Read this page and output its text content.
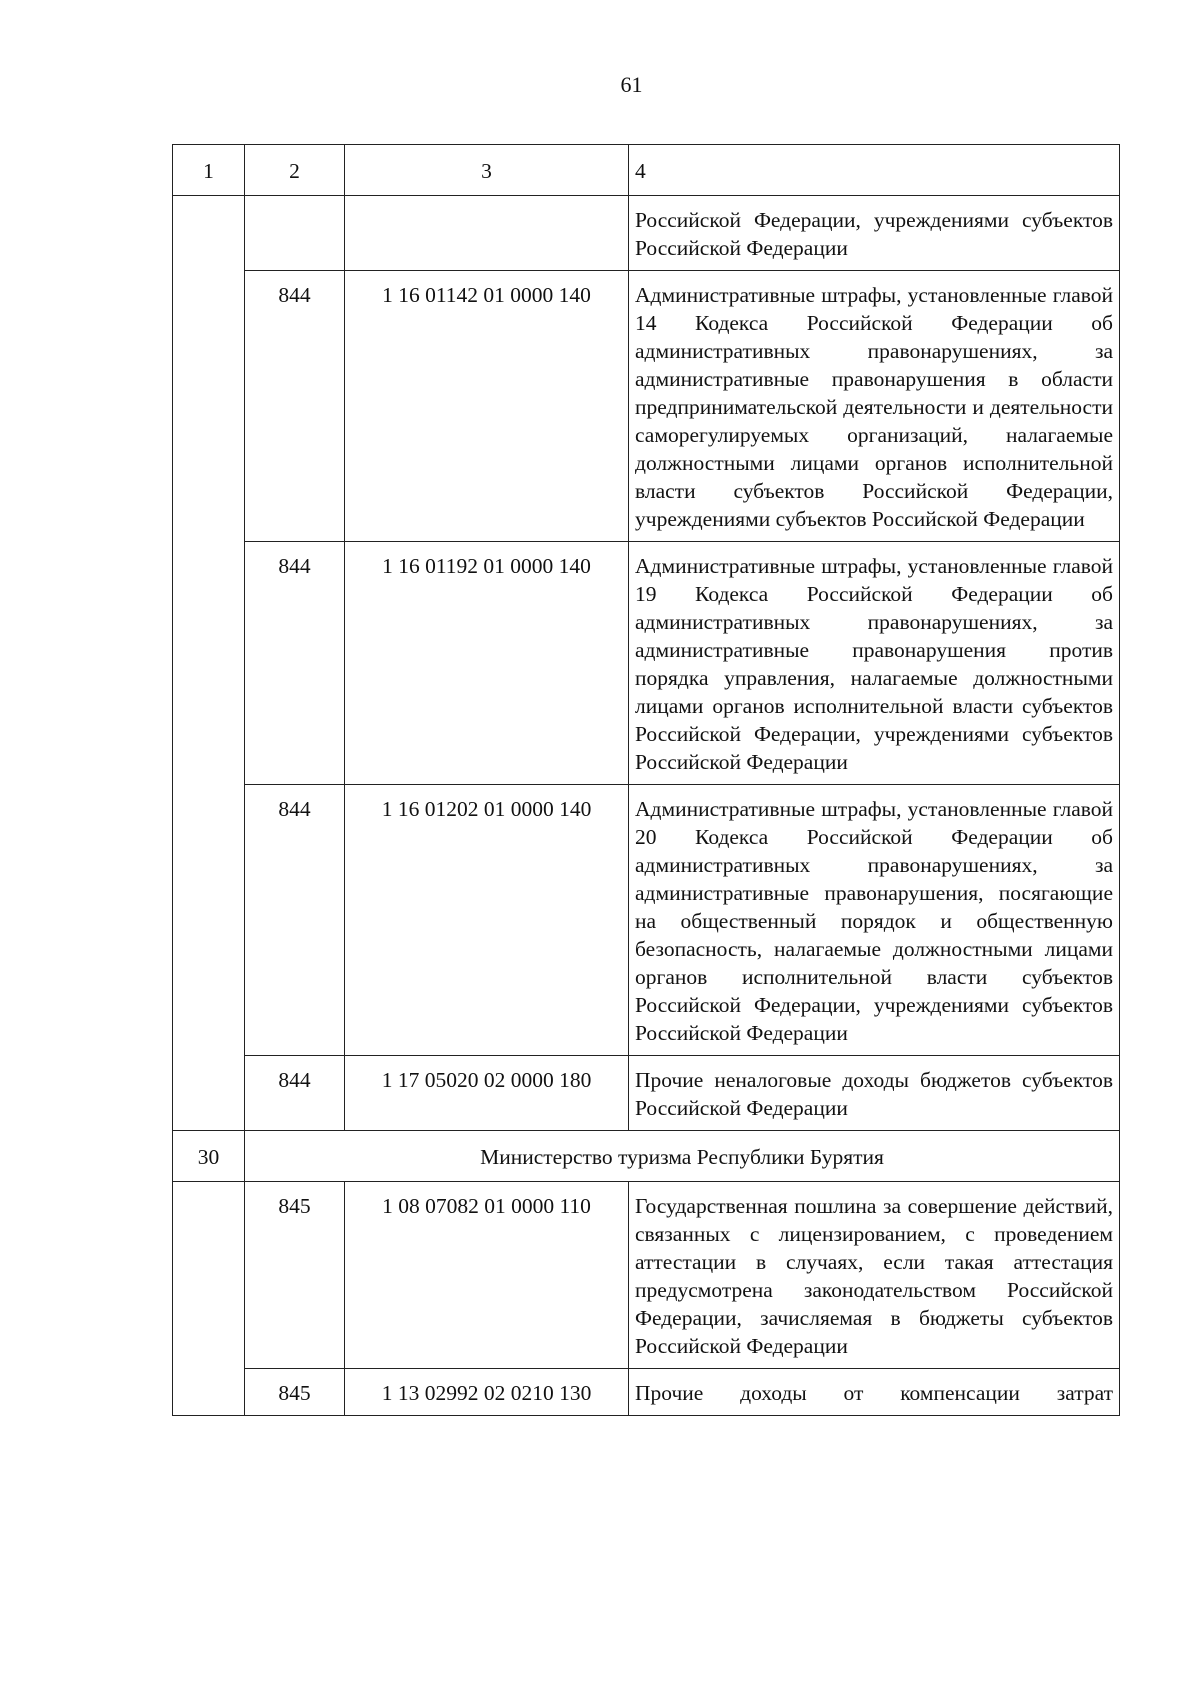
61
1	2	3	4
			Российской Федерации, учреждениями субъектов Российской Федерации
	844	1 16 01142 01 0000 140	Административные штрафы, установленные главой 14 Кодекса Российской Федерации об административных правонарушениях, за административные правонарушения в области предпринимательской деятельности и деятельности саморегулируемых организаций, налагаемые должностными лицами органов исполнительной власти субъектов Российской Федерации, учреждениями субъектов Российской Федерации
	844	1 16 01192 01 0000 140	Административные штрафы, установленные главой 19 Кодекса Российской Федерации об административных правонарушениях, за административные правонарушения против порядка управления, налагаемые должностными лицами органов исполнительной власти субъектов Российской Федерации, учреждениями субъектов Российской Федерации
	844	1 16 01202 01 0000 140	Административные штрафы, установленные главой 20 Кодекса Российской Федерации об административных правонарушениях, за административные правонарушения, посягающие на общественный порядок и общественную безопасность, налагаемые должностными лицами органов исполнительной власти субъектов Российской Федерации, учреждениями субъектов Российской Федерации
	844	1 17 05020 02 0000 180	Прочие неналоговые доходы бюджетов субъектов Российской Федерации
30	Министерство туризма Республики Бурятия		
	845	1 08 07082 01 0000 110	Государственная пошлина за совершение действий, связанных с лицензированием, с проведением аттестации в случаях, если такая аттестация предусмотрена законодательством Российской Федерации, зачисляемая в бюджеты субъектов Российской Федерации
	845	1 13 02992 02 0210 130	Прочие доходы от компенсации затрат
